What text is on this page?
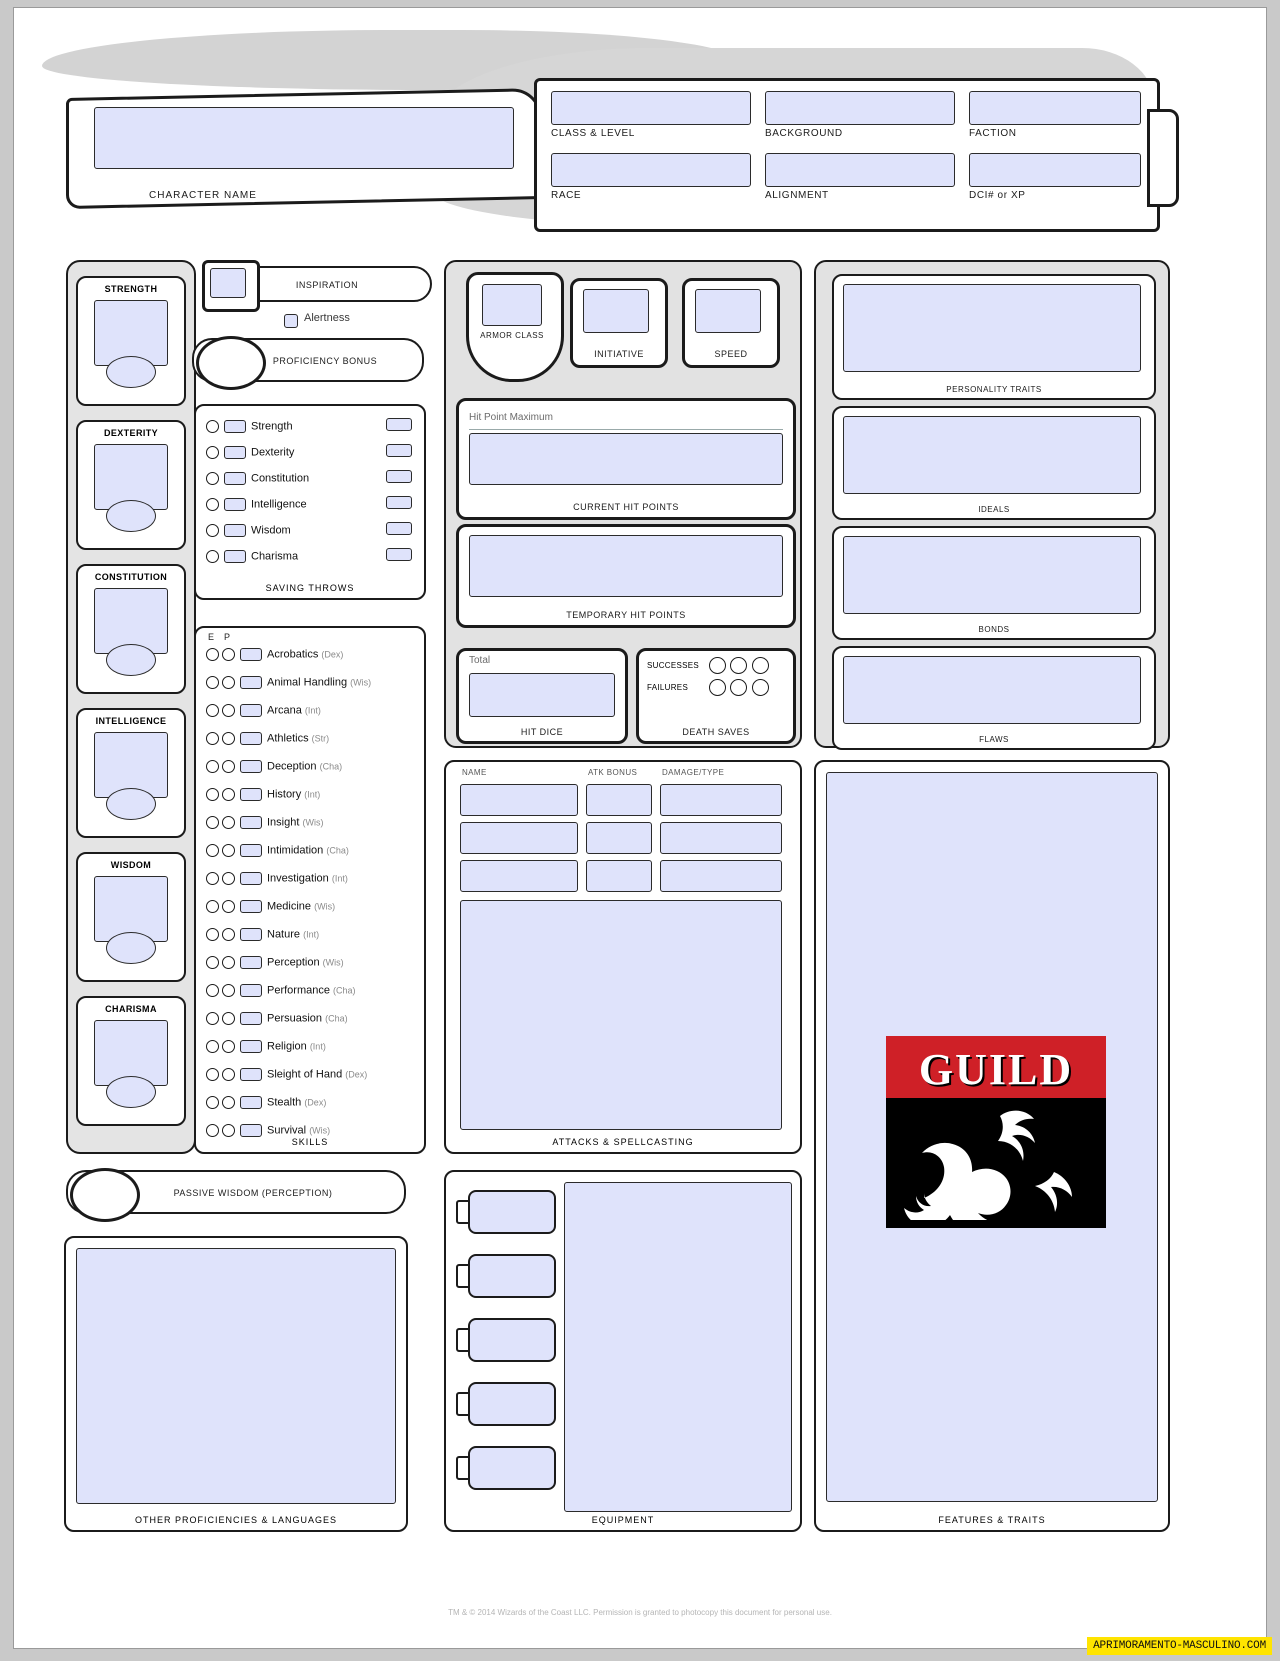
CHARACTER NAME
CLASS & LEVEL	BACKGROUND	FACTION
RACE	ALIGNMENT	DCI# or XP
STRENGTH
DEXTERITY
CONSTITUTION
INTELLIGENCE
WISDOM
CHARISMA
INSPIRATION
Alertness
PROFICIENCY BONUS
Strength
Dexterity
Constitution
Intelligence
Wisdom
Charisma
SAVING THROWS
E P
Acrobatics (Dex)
Animal Handling (Wis)
Arcana (Int)
Athletics (Str)
Deception (Cha)
History (Int)
Insight (Wis)
Intimidation (Cha)
Investigation (Int)
Medicine (Wis)
Nature (Int)
Perception (Wis)
Performance (Cha)
Persuasion (Cha)
Religion (Int)
Sleight of Hand (Dex)
Stealth (Dex)
Survival (Wis)
SKILLS
ARMOR CLASS
INITIATIVE	SPEED
Hit Point Maximum
CURRENT HIT POINTS
TEMPORARY HIT POINTS
Total
HIT DICE
SUCCESSES
FAILURES

DEATH SAVES
NAME	ATK BONUS	DAMAGE/TYPE
ATTACKS & SPELLCASTING
PERSONALITY TRAITS
IDEALS
BONDS
FLAWS
FEATURES & TRAITS
GUILD
PASSIVE WISDOM (PERCEPTION)
OTHER PROFICIENCIES & LANGUAGES	EQUIPMENT
TM & © 2014 Wizards of the Coast LLC. Permission is granted to photocopy this document for personal use.
APRIMORAMENTO-MASCULINO.COM
